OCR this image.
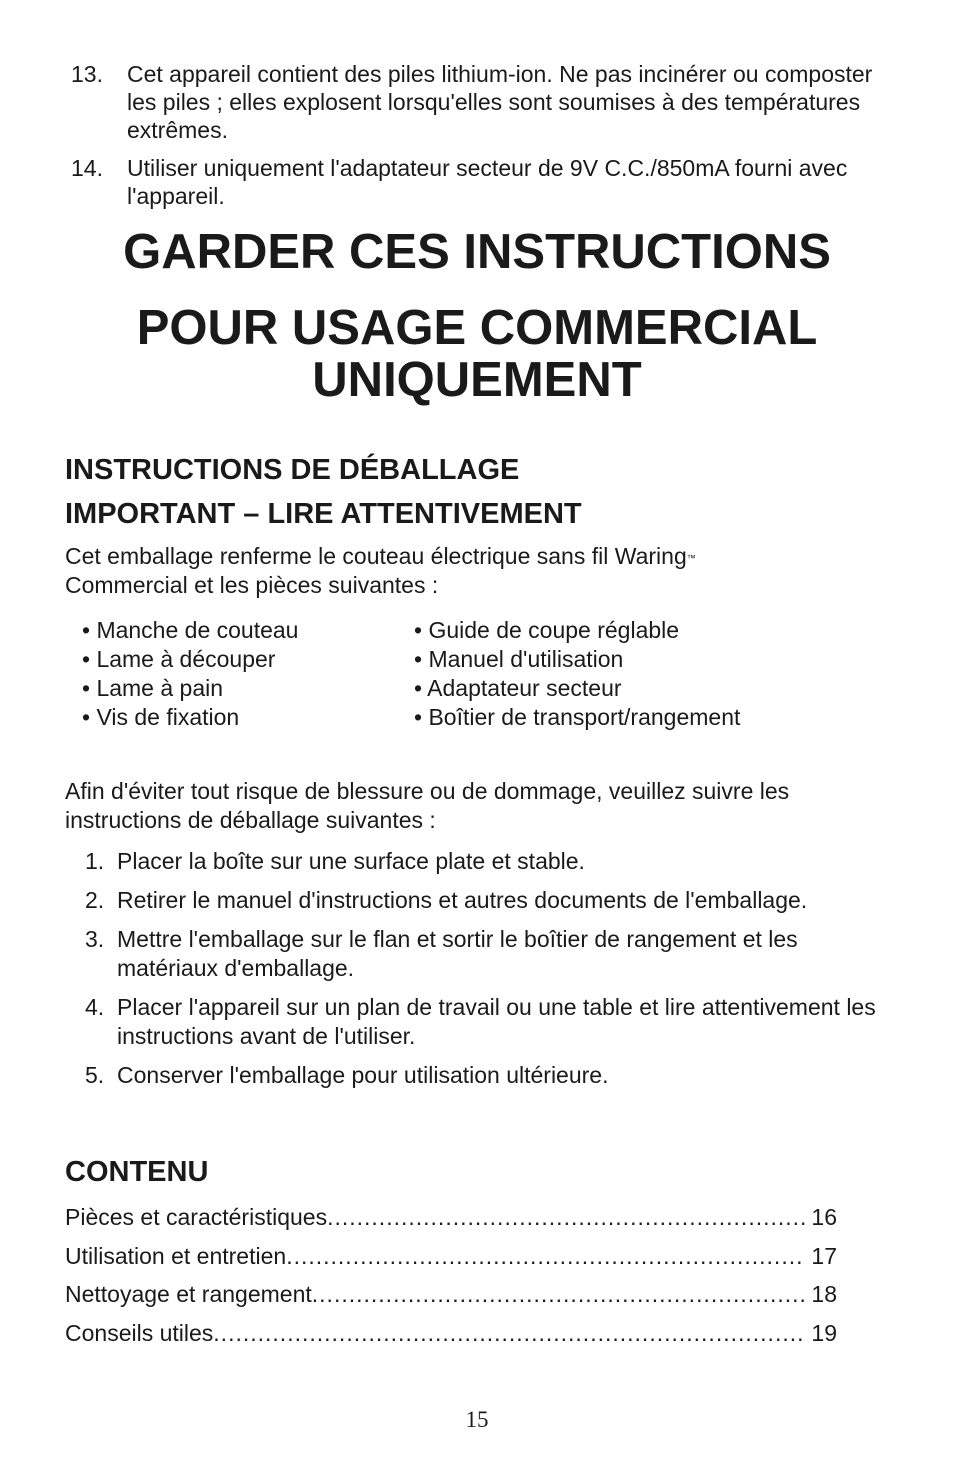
13. Cet appareil contient des piles lithium-ion. Ne pas incinérer ou composter les piles ; elles explosent lorsqu'elles sont soumises à des températures extrêmes.
14. Utiliser uniquement l'adaptateur secteur de 9V C.C./850mA fourni avec l'appareil.
GARDER CES INSTRUCTIONS
POUR USAGE COMMERCIAL
UNIQUEMENT
INSTRUCTIONS DE DÉBALLAGE
IMPORTANT – LIRE ATTENTIVEMENT

Cet emballage renferme le couteau électrique sans fil Waring™
Commercial et les pièces suivantes :

• Manche de couteau
• Lame à découper
• Lame à pain
• Vis de fixation
• Guide de coupe réglable
• Manuel d'utilisation
• Adaptateur secteur
• Boîtier de transport/rangement

Afin d'éviter tout risque de blessure ou de dommage, veuillez suivre les instructions de déballage suivantes :

1. Placer la boîte sur une surface plate et stable.
2. Retirer le manuel d'instructions et autres documents de l'emballage.
3. Mettre l'emballage sur le flan et sortir le boîtier de rangement et les matériaux d'emballage.
4. Placer l'appareil sur un plan de travail ou une table et lire attentivement les instructions avant de l'utiliser.
5. Conserver l'emballage pour utilisation ultérieure.
CONTENU
Pièces et caractéristiques .....	16
Utilisation et entretien .....	17
Nettoyage et rangement .....	18
Conseils utiles .....	19

15
